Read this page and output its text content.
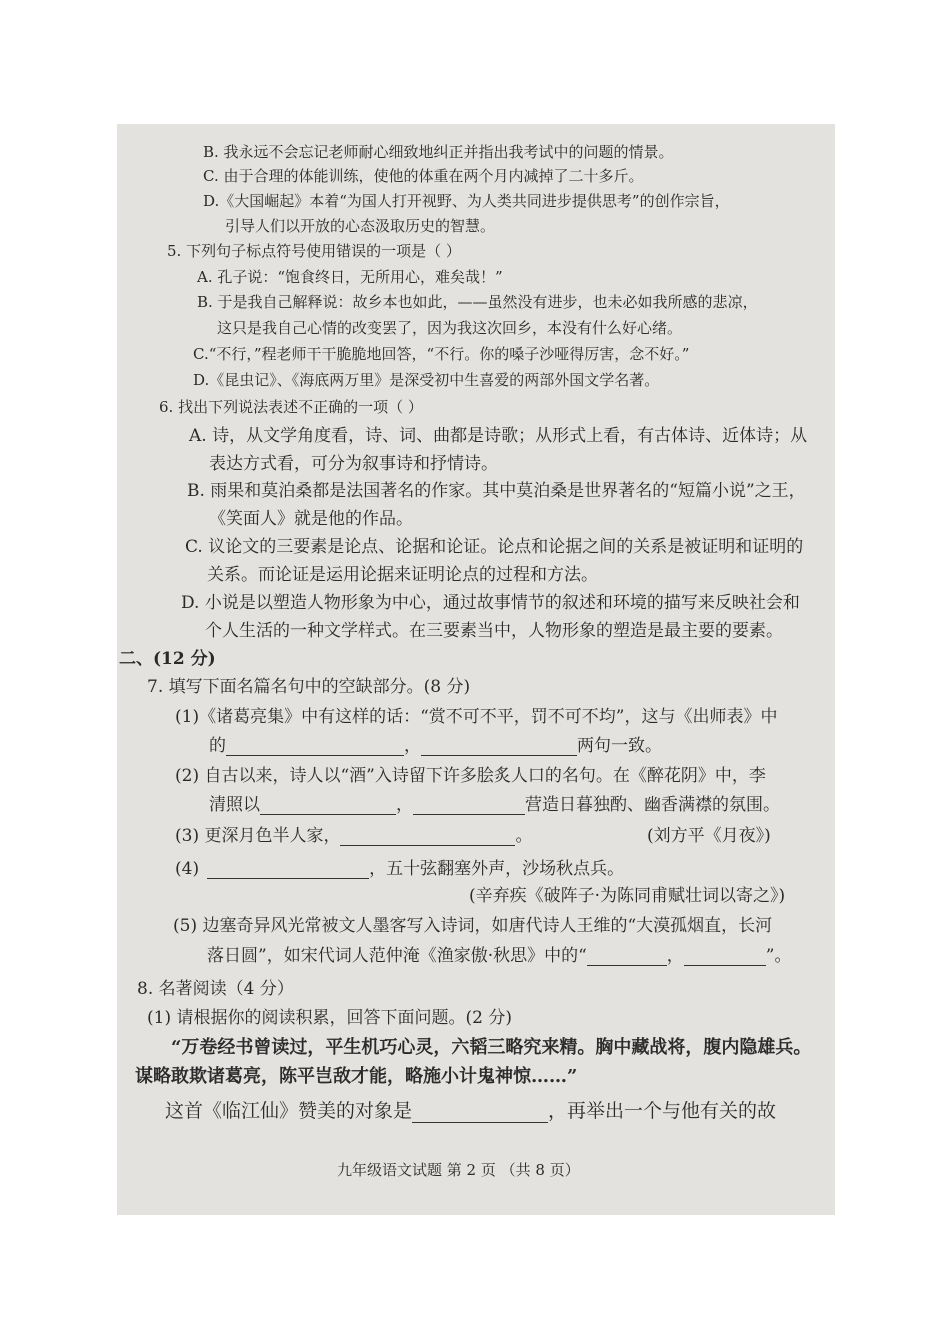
B. 我永远不会忘记老师耐心细致地纠正并指出我考试中的问题的情景。
C. 由于合理的体能训练，使他的体重在两个月内减掉了二十多斤。
D.《大国崛起》本着“为国人打开视野、为人类共同进步提供思考”的创作宗旨，
引导人们以开放的心态汲取历史的智慧。
5. 下列句子标点符号使用错误的一项是（ ）
A. 孔子说：“饱食终日，无所用心，难矣哉！”
B. 于是我自己解释说：故乡本也如此，——虽然没有进步，也未必如我所感的悲凉，
这只是我自己心情的改变罢了，因为我这次回乡，本没有什么好心绪。
C.“不行，”程老师干干脆脆地回答，“不行。你的嗓子沙哑得厉害，念不好。”
D.《昆虫记》、《海底两万里》是深受初中生喜爱的两部外国文学名著。
6. 找出下列说法表述不正确的一项（ ）
A. 诗，从文学角度看，诗、词、曲都是诗歌；从形式上看，有古体诗、近体诗；从
表达方式看，可分为叙事诗和抒情诗。
B. 雨果和莫泊桑都是法国著名的作家。其中莫泊桑是世界著名的“短篇小说”之王，
《笑面人》就是他的作品。
C. 议论文的三要素是论点、论据和论证。论点和论据之间的关系是被证明和证明的
关系。而论证是运用论据来证明论点的过程和方法。
D. 小说是以塑造人物形象为中心，通过故事情节的叙述和环境的描写来反映社会和
个人生活的一种文学样式。在三要素当中，人物形象的塑造是最主要的要素。
二、(12 分)
7. 填写下面名篇名句中的空缺部分。(8 分)
(1)《诸葛亮集》中有这样的话：“赏不可不平，罚不可不均”，这与《出师表》中
的	，	两句一致。
(2) 自古以来，诗人以“酒”入诗留下许多脍炙人口的名句。在《醉花阴》中，李
清照以	，	营造日暮独酌、幽香满襟的氛围。
(3) 更深月色半人家，	。	(刘方平《月夜》)
(4)	，五十弦翻塞外声，沙场秋点兵。
(辛弃疾《破阵子·为陈同甫赋壮词以寄之》)
(5) 边塞奇异风光常被文人墨客写入诗词，如唐代诗人王维的“大漠孤烟直，长河
落日圆”，如宋代词人范仲淹《渔家傲·秋思》中的“	，	”。
8. 名著阅读（4 分）
(1) 请根据你的阅读积累，回答下面问题。(2 分)
“万卷经书曾读过，平生机巧心灵，六韬三略究来精。胸中藏战将，腹内隐雄兵。
谋略敢欺诸葛亮，陈平岂敌才能，略施小计鬼神惊……”
这首《临江仙》赞美的对象是	，再举出一个与他有关的故
九年级语文试题 第 2 页 （共 8 页）
